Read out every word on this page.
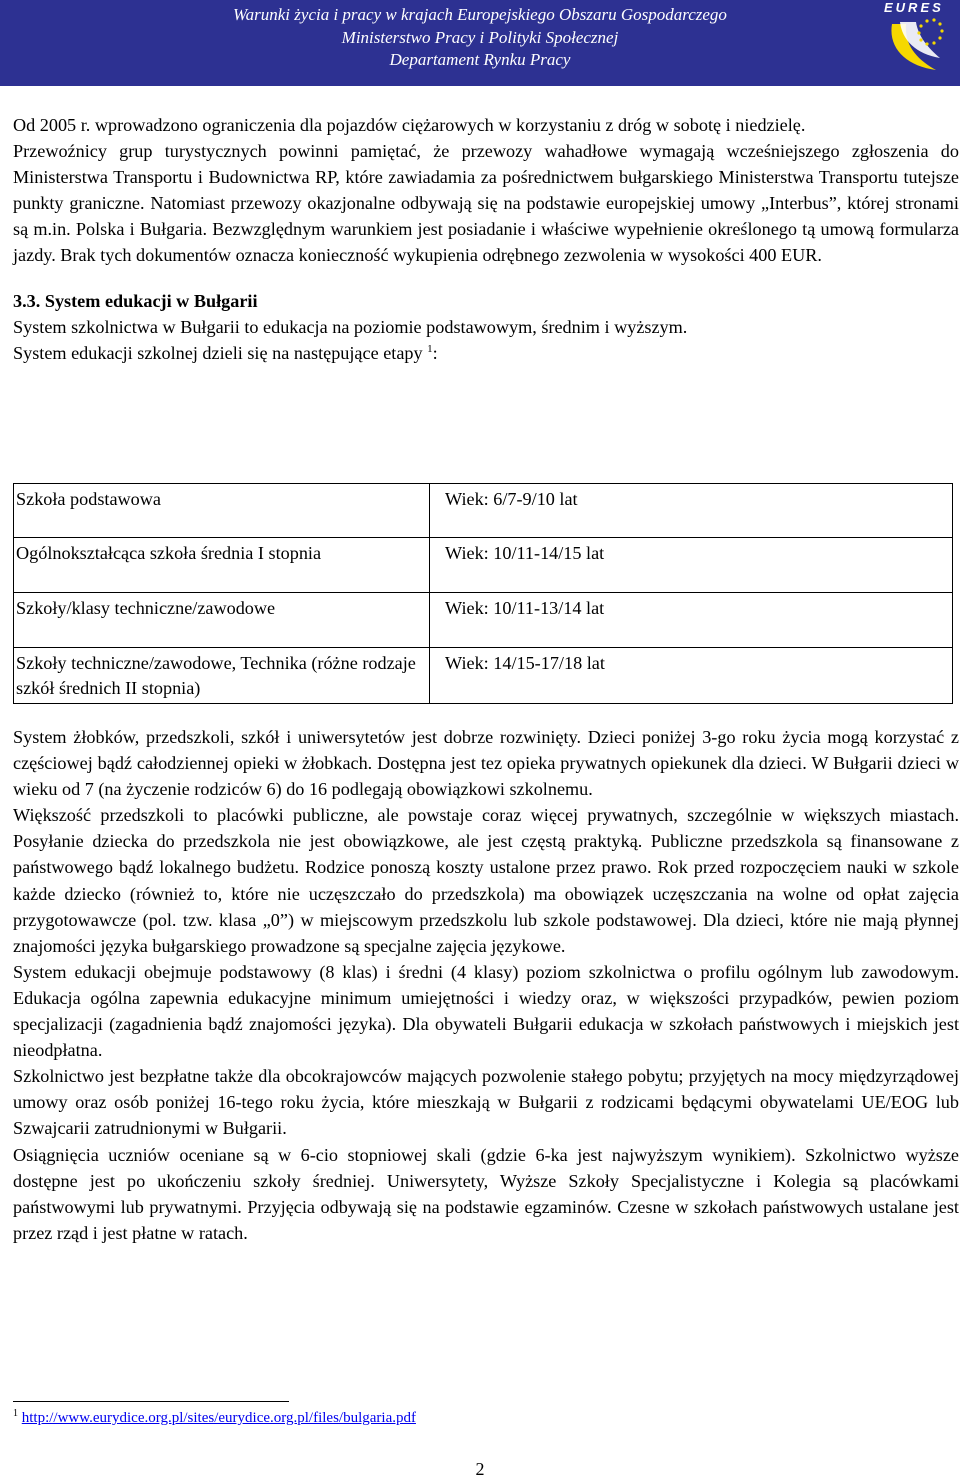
Warunki życia i pracy w krajach Europejskiego Obszaru Gospodarczego
Ministerstwo Pracy i Polityki Społecznej
Departament Rynku Pracy
EURES

Od 2005 r. wprowadzono ograniczenia dla pojazdów ciężarowych w korzystaniu z dróg w sobotę i niedzielę.

Przewoźnicy grup turystycznych powinni pamiętać, że przewozy wahadłowe wymagają wcześniejszego zgłoszenia do Ministerstwa Transportu i Budownictwa RP, które zawiadamia za pośrednictwem bułgarskiego Ministerstwa Transportu tutejsze punkty graniczne. Natomiast przewozy okazjonalne odbywają się na podstawie europejskiej umowy „Interbus”, której stronami są m.in. Polska i Bułgaria. Bezwzględnym warunkiem jest posiadanie i właściwe wypełnienie określonego tą umową formularza jazdy. Brak tych dokumentów oznacza konieczność wykupienia odrębnego zezwolenia w wysokości 400 EUR.

3.3. System edukacji w Bułgarii

System szkolnictwa w Bułgarii to edukacja na poziomie podstawowym, średnim i wyższym.

System edukacji szkolnej dzieli się na następujące etapy $^1$:

Szkoła podstawowa	Wiek: 6/7-9/10 lat
Ogólnokształcąca szkoła średnia I stopnia	Wiek: 10/11-14/15 lat
Szkoły/klasy techniczne/zawodowe	Wiek: 10/11-13/14 lat
Szkoły techniczne/zawodowe, Technika (różne rodzaje szkół średnich II stopnia)	Wiek: 14/15-17/18 lat

System żłobków, przedszkoli, szkół i uniwersytetów jest dobrze rozwinięty. Dzieci poniżej 3-go roku życia mogą korzystać z częściowej bądź całodziennej opieki w żłobkach. Dostępna jest tez opieka prywatnych opiekunek dla dzieci. W Bułgarii dzieci w wieku od 7 (na życzenie rodziców 6) do 16 podlegają obowiązkowi szkolnemu.

Większość przedszkoli to placówki publiczne, ale powstaje coraz więcej prywatnych, szczególnie w większych miastach. Posyłanie dziecka do przedszkola nie jest obowiązkowe, ale jest częstą praktyką. Publiczne przedszkola są finansowane z państwowego bądź lokalnego budżetu. Rodzice ponoszą koszty ustalone przez prawo. Rok przed rozpoczęciem nauki w szkole każde dziecko (również to, które nie uczęszczało do przedszkola) ma obowiązek uczęszczania na wolne od opłat zajęcia przygotowawcze (pol. tzw. klasa „0”) w miejscowym przedszkolu lub szkole podstawowej. Dla dzieci, które nie mają płynnej znajomości języka bułgarskiego prowadzone są specjalne zajęcia językowe.

System edukacji obejmuje podstawowy (8 klas) i średni (4 klasy) poziom szkolnictwa o profilu ogólnym lub zawodowym. Edukacja ogólna zapewnia edukacyjne minimum umiejętności i wiedzy oraz, w większości przypadków, pewien poziom specjalizacji (zagadnienia bądź znajomości języka). Dla obywateli Bułgarii edukacja w szkołach państwowych i miejskich jest nieodpłatna.

Szkolnictwo jest bezpłatne także dla obcokrajowców mających pozwolenie stałego pobytu; przyjętych na mocy międzyrządowej umowy oraz osób poniżej 16-tego roku życia, które mieszkają w Bułgarii z rodzicami będącymi obywatelami UE/EOG lub Szwajcarii zatrudnionymi w Bułgarii.

Osiągnięcia uczniów oceniane są w 6-cio stopniowej skali (gdzie 6-ka jest najwyższym wynikiem). Szkolnictwo wyższe dostępne jest po ukończeniu szkoły średniej. Uniwersytety, Wyższe Szkoły Specjalistyczne i Kolegia są placówkami państwowymi lub prywatnymi. Przyjęcia odbywają się na podstawie egzaminów. Czesne w szkołach państwowych ustalane jest przez rząd i jest płatne w ratach.

$^1$ http://www.eurydice.org.pl/sites/eurydice.org.pl/files/bulgaria.pdf
2
